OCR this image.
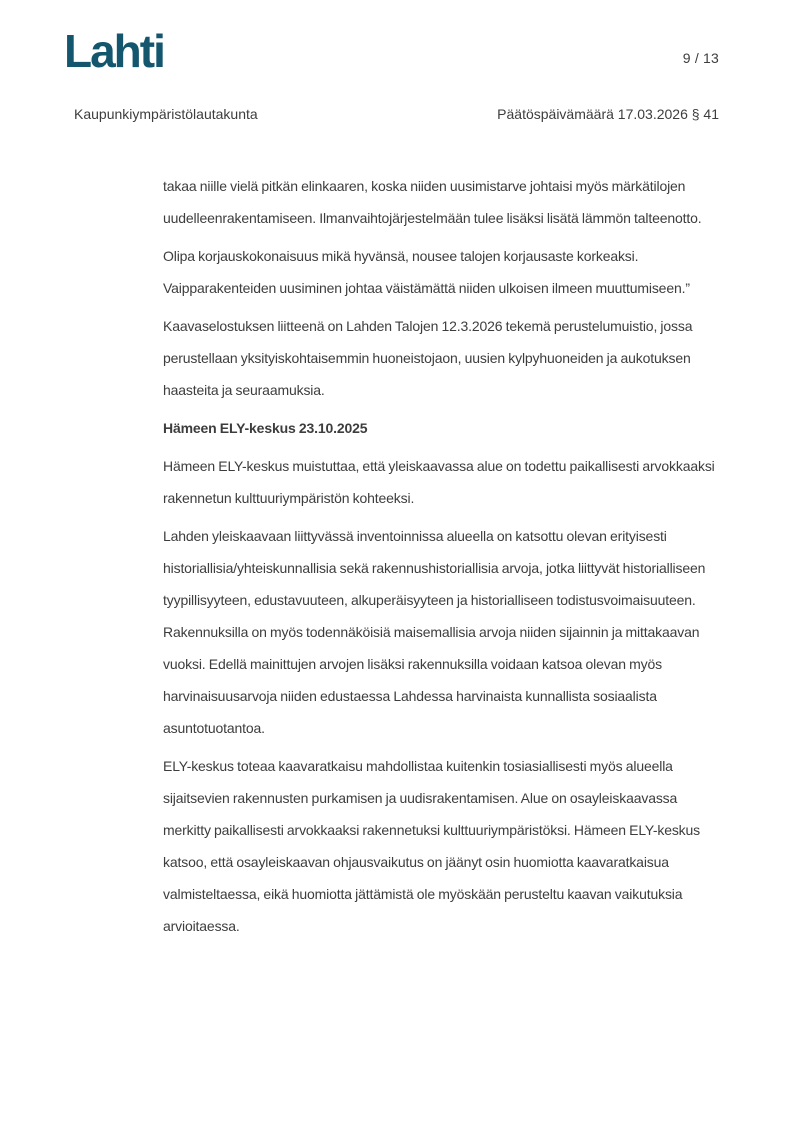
Lahti	9 / 13
Kaupunkiympäristölautakunta	Päätöspäivämäärä 17.03.2026 § 41

takaa niille vielä pitkän elinkaaren, koska niiden uusimistarve johtaisi myös märkätilojen uudelleenrakentamiseen. Ilmanvaihtojärjestelmään tulee lisäksi lisätä lämmön talteenotto.

Olipa korjauskokonaisuus mikä hyvänsä, nousee talojen korjausaste korkeaksi. Vaipparakenteiden uusiminen johtaa väistämättä niiden ulkoisen ilmeen muuttumiseen.”

Kaavaselostuksen liitteenä on Lahden Talojen 12.3.2026 tekemä perustelumuistio, jossa perustellaan yksityiskohtaisemmin huoneistojaon, uusien kylpyhuoneiden ja aukotuksen haasteita ja seuraamuksia.

Hämeen ELY-keskus 23.10.2025

Hämeen ELY-keskus muistuttaa, että yleiskaavassa alue on todettu paikallisesti arvokkaaksi rakennetun kulttuuriympäristön kohteeksi.

Lahden yleiskaavaan liittyvässä inventoinnissa alueella on katsottu olevan erityisesti historiallisia/yhteiskunnallisia sekä rakennushistoriallisia arvoja, jotka liittyvät historialliseen tyypillisyyteen, edustavuuteen, alkuperäisyyteen ja historialliseen todistusvoimaisuuteen. Rakennuksilla on myös todennäköisiä maisemallisia arvoja niiden sijainnin ja mittakaavan vuoksi. Edellä mainittujen arvojen lisäksi rakennuksilla voidaan katsoa olevan myös harvinaisuusarvoja niiden edustaessa Lahdessa harvinaista kunnallista sosiaalista asuntotuotantoa.

ELY-keskus toteaa kaavaratkaisu mahdollistaa kuitenkin tosiasiallisesti myös alueella sijaitsevien rakennusten purkamisen ja uudisrakentamisen. Alue on osayleiskaavassa merkitty paikallisesti arvokkaaksi rakennetuksi kulttuuriympäristöksi. Hämeen ELY-keskus katsoo, että osayleiskaavan ohjausvaikutus on jäänyt osin huomiotta kaavaratkaisua valmisteltaessa, eikä huomiotta jättämistä ole myöskään perusteltu kaavan vaikutuksia arvioitaessa.
